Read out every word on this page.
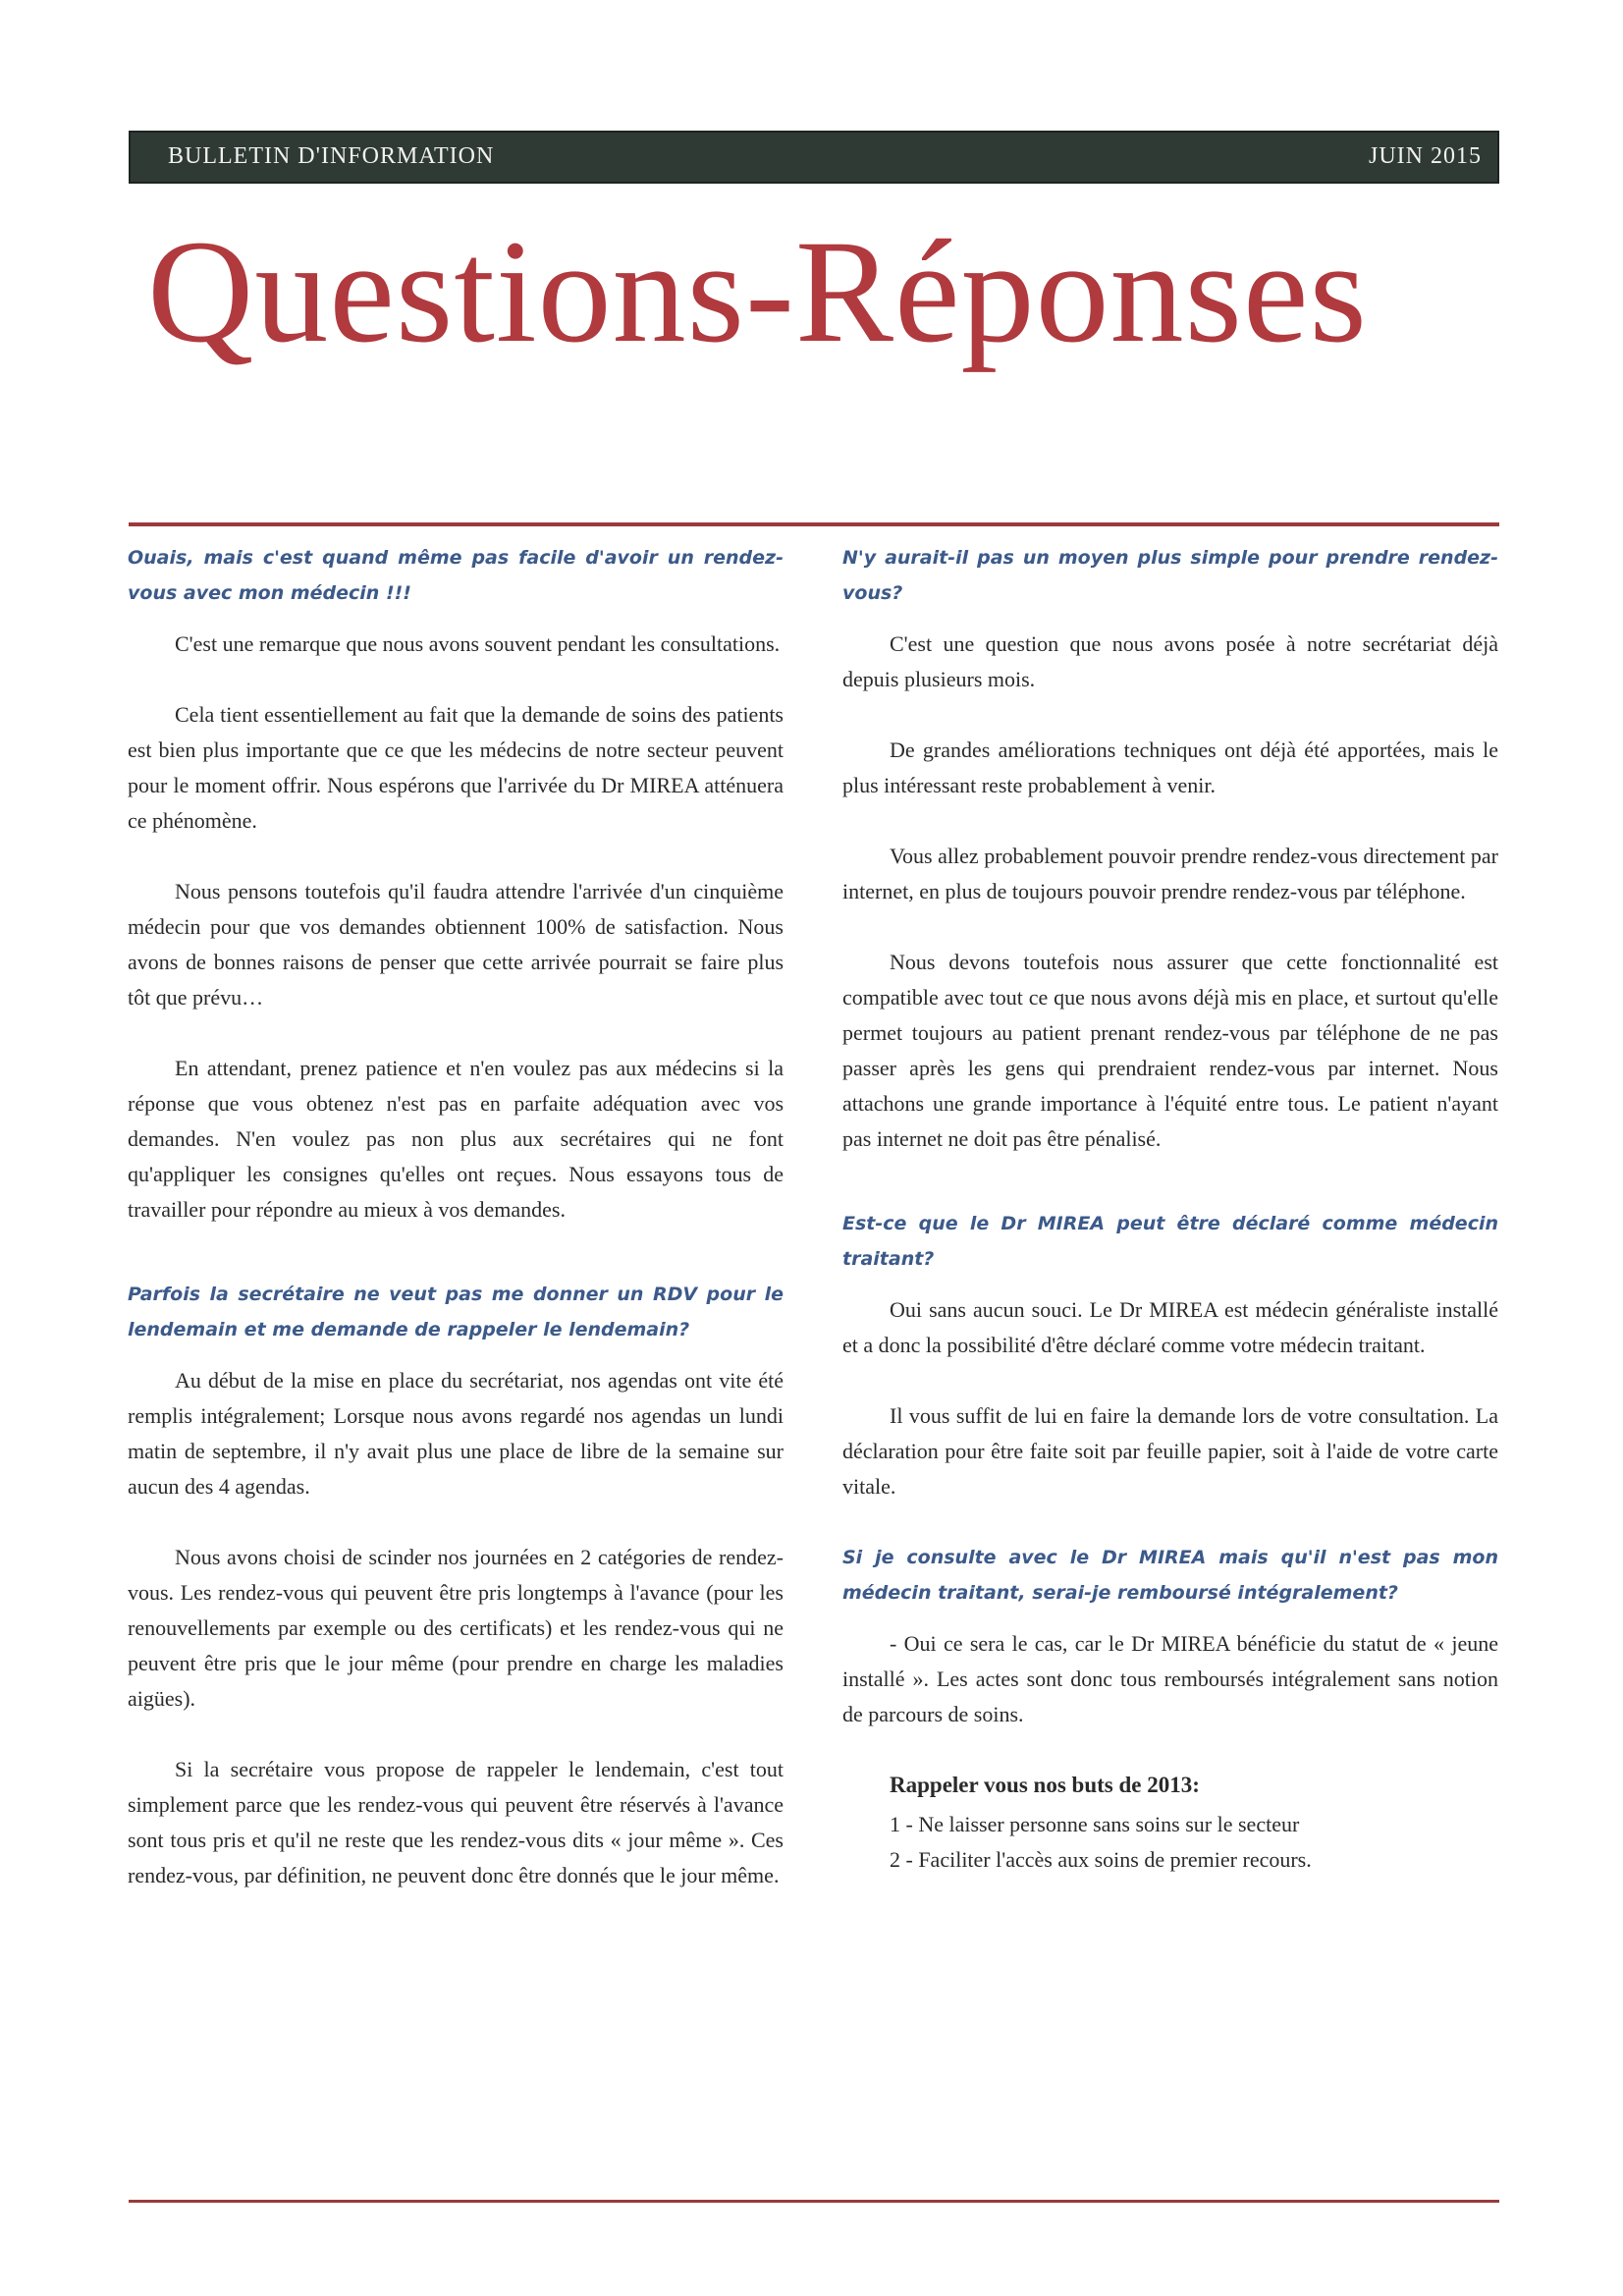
BULLETIN D'INFORMATION	JUIN 2015
Questions-Réponses

Ouais, mais c'est quand même pas facile d'avoir un rendez-vous avec mon médecin !!!

C'est une remarque que nous avons souvent pendant les consultations.

Cela tient essentiellement au fait que la demande de soins des patients est bien plus importante que ce que les médecins de notre secteur peuvent pour le moment offrir. Nous espérons que l'arrivée du Dr MIREA atténuera ce phénomène.

Nous pensons toutefois qu'il faudra attendre l'arrivée d'un cinquième médecin pour que vos demandes obtiennent 100% de satisfaction. Nous avons de bonnes raisons de penser que cette arrivée pourrait se faire plus tôt que prévu…

En attendant, prenez patience et n'en voulez pas aux médecins si la réponse que vous obtenez n'est pas en parfaite adéquation avec vos demandes. N'en voulez pas non plus aux secrétaires qui ne font qu'appliquer les consignes qu'elles ont reçues. Nous essayons tous de travailler pour répondre au mieux à vos demandes.

Parfois la secrétaire ne veut pas me donner un RDV pour le lendemain et me demande de rappeler le lendemain?

Au début de la mise en place du secrétariat, nos agendas ont vite été remplis intégralement; Lorsque nous avons regardé nos agendas un lundi matin de septembre, il n'y avait plus une place de libre de la semaine sur aucun des 4 agendas.

Nous avons choisi de scinder nos journées en 2 catégories de rendez-vous. Les rendez-vous qui peuvent être pris longtemps à l'avance (pour les renouvellements par exemple ou des certificats) et les rendez-vous qui ne peuvent être pris que le jour même (pour prendre en charge les maladies aigües).

Si la secrétaire vous propose de rappeler le lendemain, c'est tout simplement parce que les rendez-vous qui peuvent être réservés à l'avance sont tous pris et qu'il ne reste que les rendez-vous dits « jour même ». Ces rendez-vous, par définition, ne peuvent donc être donnés que le jour même.

N'y aurait-il pas un moyen plus simple pour prendre rendez-vous?

C'est une question que nous avons posée à notre secrétariat déjà depuis plusieurs mois.

De grandes améliorations techniques ont déjà été apportées, mais le plus intéressant reste probablement à venir.

Vous allez probablement pouvoir prendre rendez-vous directement par internet, en plus de toujours pouvoir prendre rendez-vous par téléphone.

Nous devons toutefois nous assurer que cette fonctionnalité est compatible avec tout ce que nous avons déjà mis en place, et surtout qu'elle permet toujours au patient prenant rendez-vous par téléphone de ne pas passer après les gens qui prendraient rendez-vous par internet. Nous attachons une grande importance à l'équité entre tous. Le patient n'ayant pas internet ne doit pas être pénalisé.

Est-ce que le Dr MIREA peut être déclaré comme médecin traitant?

Oui sans aucun souci. Le Dr MIREA est médecin généraliste installé et a donc la possibilité d'être déclaré comme votre médecin traitant.

Il vous suffit de lui en faire la demande lors de votre consultation. La déclaration pour être faite soit par feuille papier, soit à l'aide de votre carte vitale.

Si je consulte avec le Dr MIREA mais qu'il n'est pas mon médecin traitant, serai-je remboursé intégralement?

- Oui ce sera le cas, car le Dr MIREA bénéficie du statut de « jeune installé ». Les actes sont donc tous remboursés intégralement sans notion de parcours de soins.

Rappeler vous nos buts de 2013:

1 - Ne laisser personne sans soins sur le secteur

2 - Faciliter l'accès aux soins de premier recours.
